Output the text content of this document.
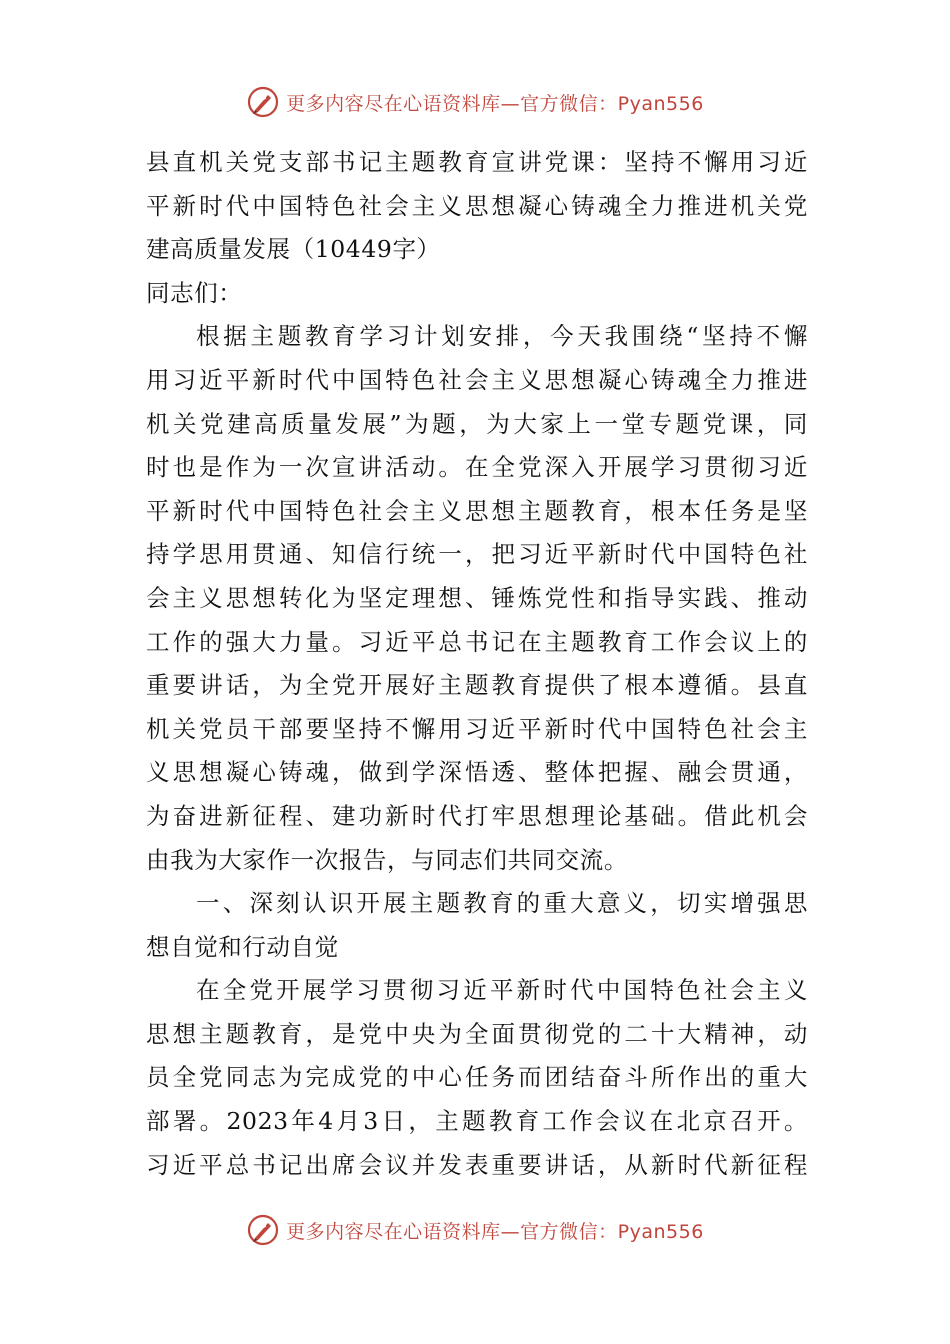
更多内容尽在心语资料库—官方微信：Pyan556
县直机关党支部书记主题教育宣讲党课：坚持不懈用习近
平新时代中国特色社会主义思想凝心铸魂全力推进机关党
建高质量发展（10449字）
同志们：
根据主题教育学习计划安排，今天我围绕“坚持不懈
用习近平新时代中国特色社会主义思想凝心铸魂全力推进
机关党建高质量发展”为题，为大家上一堂专题党课，同
时也是作为一次宣讲活动。在全党深入开展学习贯彻习近
平新时代中国特色社会主义思想主题教育，根本任务是坚
持学思用贯通、知信行统一，把习近平新时代中国特色社
会主义思想转化为坚定理想、锤炼党性和指导实践、推动
工作的强大力量。习近平总书记在主题教育工作会议上的
重要讲话，为全党开展好主题教育提供了根本遵循。县直
机关党员干部要坚持不懈用习近平新时代中国特色社会主
义思想凝心铸魂，做到学深悟透、整体把握、融会贯通，
为奋进新征程、建功新时代打牢思想理论基础。借此机会
由我为大家作一次报告，与同志们共同交流。
一、深刻认识开展主题教育的重大意义，切实增强思
想自觉和行动自觉
在全党开展学习贯彻习近平新时代中国特色社会主义
思想主题教育，是党中央为全面贯彻党的二十大精神，动
员全党同志为完成党的中心任务而团结奋斗所作出的重大
部署。2023年4月3日，主题教育工作会议在北京召开。
习近平总书记出席会议并发表重要讲话，从新时代新征程
更多内容尽在心语资料库—官方微信：Pyan556
